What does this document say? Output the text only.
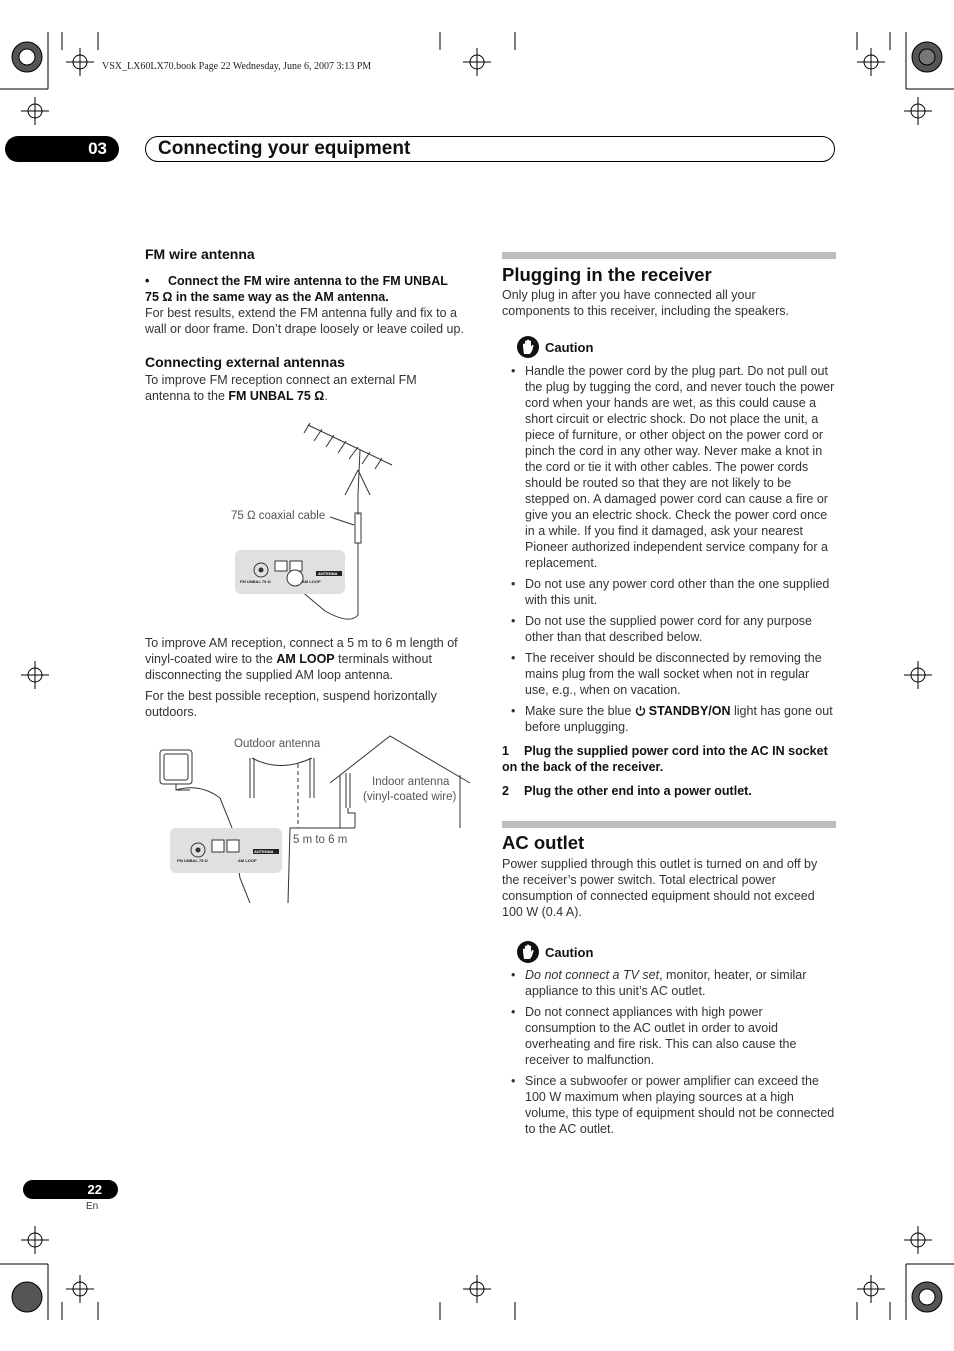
VSX_LX60LX70.book Page 22 Wednesday, June 6, 2007 3:13 PM
03	Connecting your equipment
FM wire antenna
• Connect the FM wire antenna to the FM UNBAL
75 Ω in the same way as the AM antenna.
For best results, extend the FM antenna fully and fix to a
wall or door frame. Don’t drape loosely or leave coiled up.
Connecting external antennas
To improve FM reception connect an external FM
antenna to the FM UNBAL 75 Ω.
75 Ω coaxial cable
ANTENNA
FM UNBAL 75 Ω	AM LOOP
To improve AM reception, connect a 5 m to 6 m length of
vinyl-coated wire to the AM LOOP terminals without
disconnecting the supplied AM loop antenna.
For the best possible reception, suspend horizontally
outdoors.
Outdoor antenna
Indoor antenna
(vinyl-coated wire)
5 m to 6 m
ANTENNA
FM UNBAL 75 Ω	AM LOOP
Plugging in the receiver
Only plug in after you have connected all your
components to this receiver, including the speakers.
Caution
• Handle the power cord by the plug part. Do not pull out the plug by tugging the cord, and never touch the power cord when your hands are wet, as this could cause a short circuit or electric shock. Do not place the unit, a piece of furniture, or other object on the power cord or pinch the cord in any other way. Never make a knot in the cord or tie it with other cables. The power cords should be routed so that they are not likely to be stepped on. A damaged power cord can cause a fire or give you an electric shock. Check the power cord once in a while. If you find it damaged, ask your nearest Pioneer authorized independent service company for a replacement.
• Do not use any power cord other than the one supplied with this unit.
• Do not use the supplied power cord for any purpose other than that described below.
• The receiver should be disconnected by removing the mains plug from the wall socket when not in regular use, e.g., when on vacation.
• Make sure the blue STANDBY/ON light has gone out before unplugging.
1 Plug the supplied power cord into the AC IN socket on the back of the receiver.
2 Plug the other end into a power outlet.
AC outlet
Power supplied through this outlet is turned on and off by the receiver’s power switch. Total electrical power consumption of connected equipment should not exceed 100 W (0.4 A).
Caution
• Do not connect a TV set, monitor, heater, or similar appliance to this unit’s AC outlet.
• Do not connect appliances with high power consumption to the AC outlet in order to avoid overheating and fire risk. This can also cause the receiver to malfunction.
• Since a subwoofer or power amplifier can exceed the 100 W maximum when playing sources at a high volume, this type of equipment should not be connected to the AC outlet.
22
En
